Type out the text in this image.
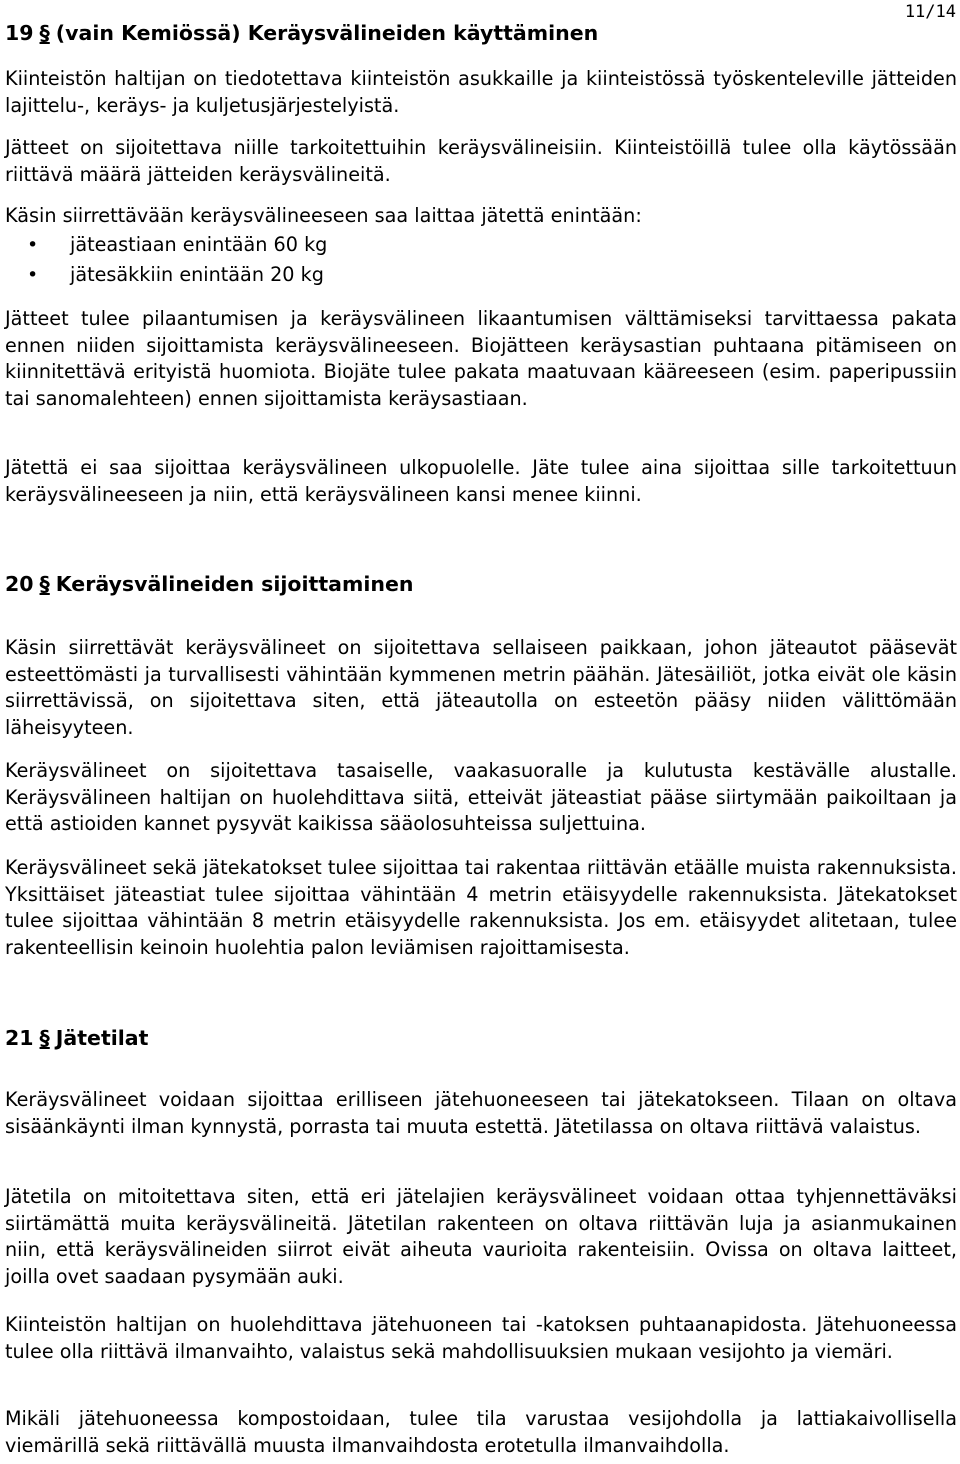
11/14
19 § (vain Kemiössä) Keräysvälineiden käyttäminen

Kiinteistön haltijan on tiedotettava kiinteistön asukkaille ja kiinteistössä työskenteleville jätteiden lajittelu-, keräys- ja kuljetusjärjestelyistä.

Jätteet on sijoitettava niille tarkoitettuihin keräysvälineisiin. Kiinteistöillä tulee olla käytössään riittävä määrä jätteiden keräysvälineitä.

Käsin siirrettävään keräysvälineeseen saa laittaa jätettä enintään:

• jäteastiaan enintään 60 kg
• jätesäkkiin enintään 20 kg

Jätteet tulee pilaantumisen ja keräysvälineen likaantumisen välttämiseksi tarvittaessa pakata ennen niiden sijoittamista keräysvälineeseen. Biojätteen keräysastian puhtaana pitämiseen on kiinnitettävä erityistä huomiota. Biojäte tulee pakata maatuvaan kääreeseen (esim. paperipussiin tai sanomalehteen) ennen sijoittamista keräysastiaan.

Jätettä ei saa sijoittaa keräysvälineen ulkopuolelle. Jäte tulee aina sijoittaa sille tarkoitettuun keräysvälineeseen ja niin, että keräysvälineen kansi menee kiinni.

20 § Keräysvälineiden sijoittaminen

Käsin siirrettävät keräysvälineet on sijoitettava sellaiseen paikkaan, johon jäteautot pääsevät esteettömästi ja turvallisesti vähintään kymmenen metrin päähän. Jätesäiliöt, jotka eivät ole käsin siirrettävissä, on sijoitettava siten, että jäteautolla on esteetön pääsy niiden välittömään läheisyyteen.

Keräysvälineet on sijoitettava tasaiselle, vaakasuoralle ja kulutusta kestävälle alustalle. Keräysvälineen haltijan on huolehdittava siitä, etteivät jäteastiat pääse siirtymään paikoiltaan ja että astioiden kannet pysyvät kaikissa sääolosuhteissa suljettuina.

Keräysvälineet sekä jätekatokset tulee sijoittaa tai rakentaa riittävän etäälle muista rakennuksista. Yksittäiset jäteastiat tulee sijoittaa vähintään 4 metrin etäisyydelle rakennuksista. Jätekatokset tulee sijoittaa vähintään 8 metrin etäisyydelle rakennuksista. Jos em. etäisyydet alitetaan, tulee rakenteellisin keinoin huolehtia palon leviämisen rajoittamisesta.

21 § Jätetilat

Keräysvälineet voidaan sijoittaa erilliseen jätehuoneeseen tai jätekatokseen. Tilaan on oltava sisäänkäynti ilman kynnystä, porrasta tai muuta estettä. Jätetilassa on oltava riittävä valaistus.

Jätetila on mitoitettava siten, että eri jätelajien keräysvälineet voidaan ottaa tyhjennettäväksi siirtämättä muita keräysvälineitä. Jätetilan rakenteen on oltava riittävän luja ja asianmukainen niin, että keräysvälineiden siirrot eivät aiheuta vaurioita rakenteisiin. Ovissa on oltava laitteet, joilla ovet saadaan pysymään auki.

Kiinteistön haltijan on huolehdittava jätehuoneen tai -katoksen puhtaanapidosta. Jätehuoneessa tulee olla riittävä ilmanvaihto, valaistus sekä mahdollisuuksien mukaan vesijohto ja viemäri.

Mikäli jätehuoneessa kompostoidaan, tulee tila varustaa vesijohdolla ja lattiakaivollisella viemärillä sekä riittävällä muusta ilmanvaihdosta erotetulla ilmanvaihdolla.
